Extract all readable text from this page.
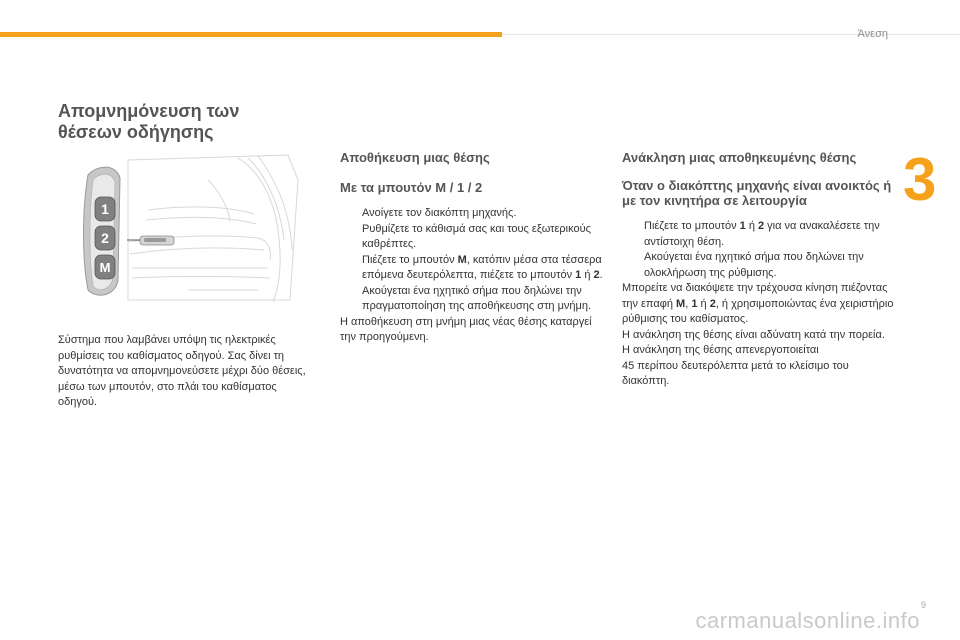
Άνεση
3
Απομνημόνευση των θέσεων οδήγησης
1
2
M
Σύστημα που λαμβάνει υπόψη τις ηλεκτρικές ρυθμίσεις του καθίσματος οδηγού. Σας δίνει τη δυνατότητα να απομνημονεύσετε μέχρι δύο θέσεις, μέσω των μπουτόν, στο πλάι του καθίσματος οδηγού.
Αποθήκευση μιας θέσης
Με τα μπουτόν M / 1 / 2
Ανοίγετε τον διακόπτη μηχανής.
Ρυθμίζετε το κάθισμά σας και τους εξωτερικούς καθρέπτες.
Πιέζετε το μπουτόν M, κατόπιν μέσα στα τέσσερα επόμενα δευτερόλεπτα, πιέζετε το μπουτόν 1 ή 2.
Ακούγεται ένα ηχητικό σήμα που δηλώνει την πραγματοποίηση της αποθήκευσης στη μνήμη.

Η αποθήκευση στη μνήμη μιας νέας θέσης καταργεί την προηγούμενη.

Ανάκληση μιας αποθηκευμένης θέσης
Όταν ο διακόπτης μηχανής είναι ανοικτός ή με τον κινητήρα σε λειτουργία
Πιέζετε το μπουτόν 1 ή 2 για να ανακαλέσετε την αντίστοιχη θέση.
Ακούγεται ένα ηχητικό σήμα που δηλώνει την ολοκλήρωση της ρύθμισης.

Μπορείτε να διακόψετε την τρέχουσα κίνηση πιέζοντας την επαφή M, 1 ή 2, ή χρησιμοποιώντας ένα χειριστήριο ρύθμισης του καθίσματος.

Η ανάκληση της θέσης είναι αδύνατη κατά την πορεία.

Η ανάκληση της θέσης απενεργοποιείται

45 περίπου δευτερόλεπτα μετά το κλείσιμο του διακόπτη.

9
carmanualsonline.info
